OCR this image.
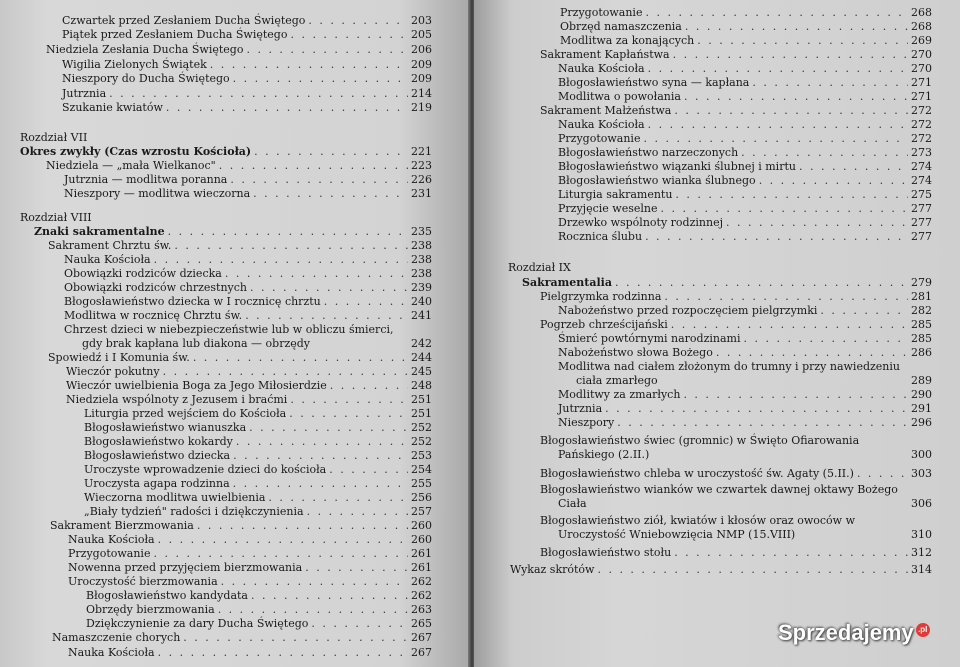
Czwartek przed Zesłaniem Ducha Świętego . . .	203
Piątek przed Zesłaniem Ducha Świętego . . .	205
Niedziela Zesłania Ducha Świętego . . .	206
Wigilia Zielonych Świątek . . .	209
Nieszpory do Ducha Świętego . . .	209
Jutrznia . . .	214
Szukanie kwiatów . . .	219
Rozdział VII
Okres zwykły (Czas wzrostu Kościoła) . . .	221
Niedziela — „mała Wielkanoc" . . .	223
Jutrznia — modlitwa poranna . . .	226
Nieszpory — modlitwa wieczorna . . .	231
Rozdział VIII
Znaki sakramentalne . . .	235
Sakrament Chrztu św. . . .	238
Nauka Kościoła . . .	238
Obowiązki rodziców dziecka . . .	238
Obowiązki rodziców chrzestnych . . .	239
Błogosławieństwo dziecka w I rocznicę chrztu . . .	240
Modlitwa w rocznicę Chrztu św. . . .	241
Chrzest dzieci w niebezpieczeństwie lub w obliczu śmierci, gdy brak kapłana lub diakona — obrzędy	242
Spowiedź i I Komunia św. . . .	244
Wieczór pokutny . . .	245
Wieczór uwielbienia Boga za Jego Miłosierdzie . . .	248
Niedziela wspólnoty z Jezusem i braćmi . . .	251
Liturgia przed wejściem do Kościoła . . .	251
Błogosławieństwo wianuszka . . .	252
Błogosławieństwo kokardy . . .	252
Błogosławieństwo dziecka . . .	253
Uroczyste wprowadzenie dzieci do kościoła . . .	254
Uroczysta agapa rodzinna . . .	255
Wieczorna modlitwa uwielbienia . . .	256
„Biały tydzień" radości i dziękczynienia . . .	257
Sakrament Bierzmowania . . .	260
Nauka Kościoła . . .	260
Przygotowanie . . .	261
Nowenna przed przyjęciem bierzmowania . . .	261
Uroczystość bierzmowania . . .	262
Błogosławieństwo kandydata . . .	262
Obrzędy bierzmowania . . .	263
Dziękczynienie za dary Ducha Świętego . . .	265
Namaszczenie chorych . . .	267
Nauka Kościoła . . .	267
Przygotowanie . . .	268
Obrzęd namaszczenia . . .	268
Modlitwa za konających . . .	269
Sakrament Kapłaństwa . . .	270
Nauka Kościoła . . .	270
Błogosławieństwo syna — kapłana . . .	271
Modlitwa o powołania . . .	271
Sakrament Małżeństwa . . .	272
Nauka Kościoła . . .	272
Przygotowanie . . .	272
Błogosławieństwo narzeczonych . . .	273
Błogosławieństwo wiązanki ślubnej i mirtu . . .	274
Błogosławieństwo wianka ślubnego . . .	274
Liturgia sakramentu . . .	275
Przyjęcie weselne . . .	277
Drzewko wspólnoty rodzinnej . . .	277
Rocznica ślubu . . .	277
Rozdział IX
Sakramentalia . . .	279
Pielgrzymka rodzinna . . .	281
Nabożeństwo przed rozpoczęciem pielgrzymki . . .	282
Pogrzeb chrześcijański . . .	285
Śmierć powtórnymi narodzinami . . .	285
Nabożeństwo słowa Bożego . . .	286
Modlitwa nad ciałem złożonym do trumny i przy nawiedzeniu ciała zmarłego	289
Modlitwy za zmarłych . . .	290
Jutrznia . . .	291
Nieszpory . . .	296
Błogosławieństwo świec (gromnic) w Święto Ofiarowania Pańskiego (2.II.)	300
Błogosławieństwo chleba w uroczystość św. Agaty (5.II.) . . .	303
Błogosławieństwo wianków we czwartek dawnej oktawy Bożego Ciała	306
Błogosławieństwo ziół, kwiatów i kłosów oraz owoców w Uroczystość Wniebowzięcia NMP (15.VIII)	310
Błogosławieństwo stołu . . .	312
Wykaz skrótów . . .	314
Sprzedajemy .pl
